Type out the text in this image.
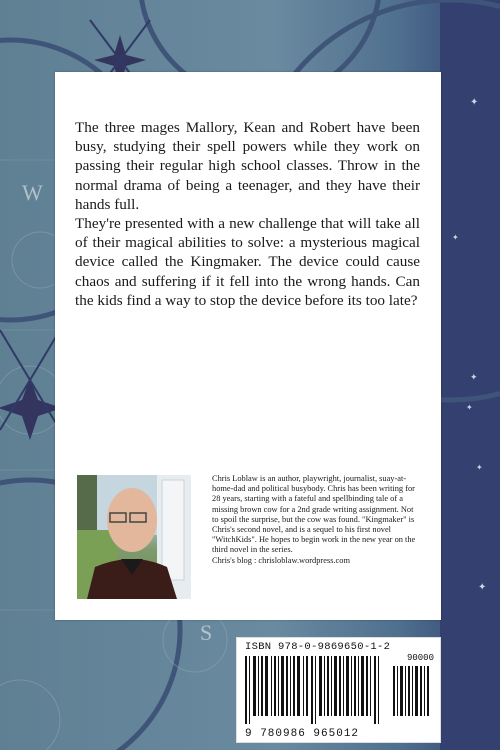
✦
✦
✦
✦
✦
✦
W
S

The three mages Mallory, Kean and Robert have been busy, studying their spell powers while they work on passing their regular high school classes. Throw in the normal drama of being a teenager, and they have their hands full.

They're presented with a new challenge that will take all of their magical abilities to solve: a mysterious magical device called the Kingmaker. The device could cause chaos and suffering if it fell into the wrong hands. Can the kids find a way to stop the device before its too late?

Chris Loblaw is an author, playwright, journalist, suay-at-home-dad and political busybody. Chris has been writing for 28 years, starting with a fateful and spellbinding tale of a missing brown cow for a 2nd grade writing assignment. Not to spoil the surprise, but the cow was found. "Kingmaker" is Chris's second novel, and is a sequel to his first novel "WitchKids". He hopes to begin work in the new year on the third novel in the series.

Chris's blog : chrisloblaw.wordpress.com

ISBN 978-0-9869650-1-2
90000
9 780986 965012
